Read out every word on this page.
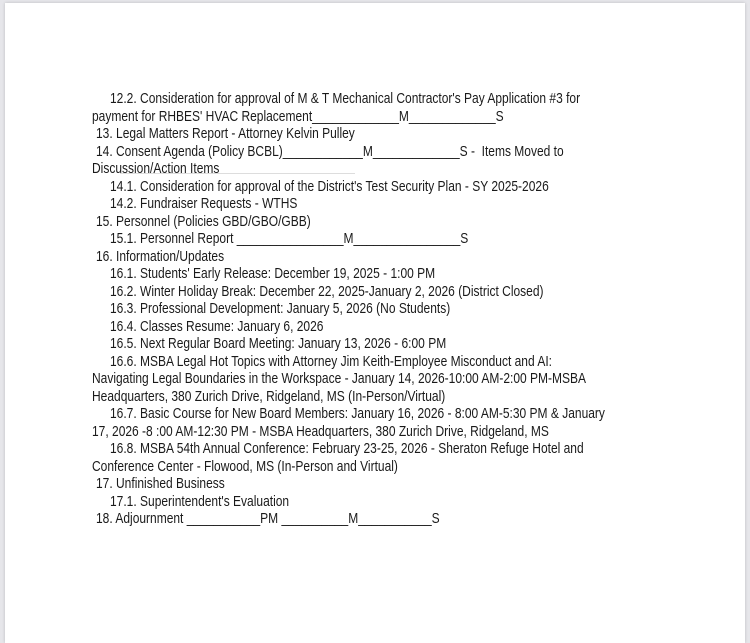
12.2. Consideration for approval of M & T Mechanical Contractor's Pay Application #3 for
payment for RHBES' HVAC Replacement_____________M_____________S
13. Legal Matters Report - Attorney Kelvin Pulley
14. Consent Agenda (Policy BCBL)____________M_____________S -  Items Moved to
Discussion/Action Items
14.1. Consideration for approval of the District's Test Security Plan - SY 2025-2026
14.2. Fundraiser Requests - WTHS
15. Personnel (Policies GBD/GBO/GBB)
15.1. Personnel Report ________________M________________S
16. Information/Updates
16.1. Students' Early Release: December 19, 2025 - 1:00 PM
16.2. Winter Holiday Break: December 22, 2025-January 2, 2026 (District Closed)
16.3. Professional Development: January 5, 2026 (No Students)
16.4. Classes Resume: January 6, 2026
16.5. Next Regular Board Meeting: January 13, 2026 - 6:00 PM
16.6. MSBA Legal Hot Topics with Attorney Jim Keith-Employee Misconduct and AI:
Navigating Legal Boundaries in the Workspace - January 14, 2026-10:00 AM-2:00 PM-MSBA
Headquarters, 380 Zurich Drive, Ridgeland, MS (In-Person/Virtual)
16.7. Basic Course for New Board Members: January 16, 2026 - 8:00 AM-5:30 PM & January
17, 2026 -8 :00 AM-12:30 PM - MSBA Headquarters, 380 Zurich Drive, Ridgeland, MS
16.8. MSBA 54th Annual Conference: February 23-25, 2026 - Sheraton Refuge Hotel and
Conference Center - Flowood, MS (In-Person and Virtual)
17. Unfinished Business
17.1. Superintendent's Evaluation
18. Adjournment ___________PM __________M___________S
